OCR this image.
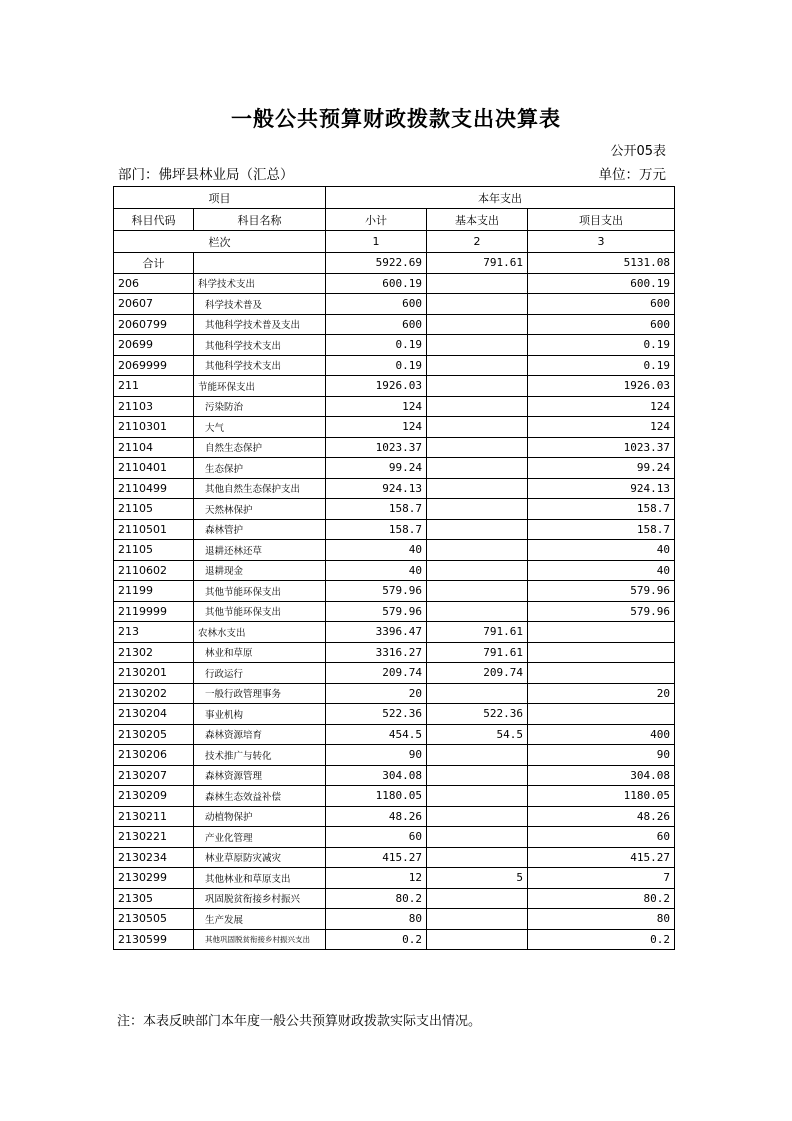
一般公共预算财政拨款支出决算表
公开05表
部门：佛坪县林业局（汇总）	单位：万元
项目		本年支出		
科目代码	科目名称	小计	基本支出	项目支出
栏次		1	2	3
合计		5922.69	791.61	5131.08
206	科学技术支出	600.19		600.19
20607	科学技术普及	600		600
2060799	其他科学技术普及支出	600		600
20699	其他科学技术支出	0.19		0.19
2069999	其他科学技术支出	0.19		0.19
211	节能环保支出	1926.03		1926.03
21103	污染防治	124		124
2110301	大气	124		124
21104	自然生态保护	1023.37		1023.37
2110401	生态保护	99.24		99.24
2110499	其他自然生态保护支出	924.13		924.13
21105	天然林保护	158.7		158.7
2110501	森林管护	158.7		158.7
21105	退耕还林还草	40		40
2110602	退耕现金	40		40
21199	其他节能环保支出	579.96		579.96
2119999	其他节能环保支出	579.96		579.96
213	农林水支出	3396.47	791.61	
21302	林业和草原	3316.27	791.61	
2130201	行政运行	209.74	209.74	
2130202	一般行政管理事务	20		20
2130204	事业机构	522.36	522.36	
2130205	森林资源培育	454.5	54.5	400
2130206	技术推广与转化	90		90
2130207	森林资源管理	304.08		304.08
2130209	森林生态效益补偿	1180.05		1180.05
2130211	动植物保护	48.26		48.26
2130221	产业化管理	60		60
2130234	林业草原防灾减灾	415.27		415.27
2130299	其他林业和草原支出	12	5	7
21305	巩固脱贫衔接乡村振兴	80.2		80.2
2130505	生产发展	80		80
2130599	其他巩固脱贫衔接乡村振兴支出	0.2		0.2
注：本表反映部门本年度一般公共预算财政拨款实际支出情况。
